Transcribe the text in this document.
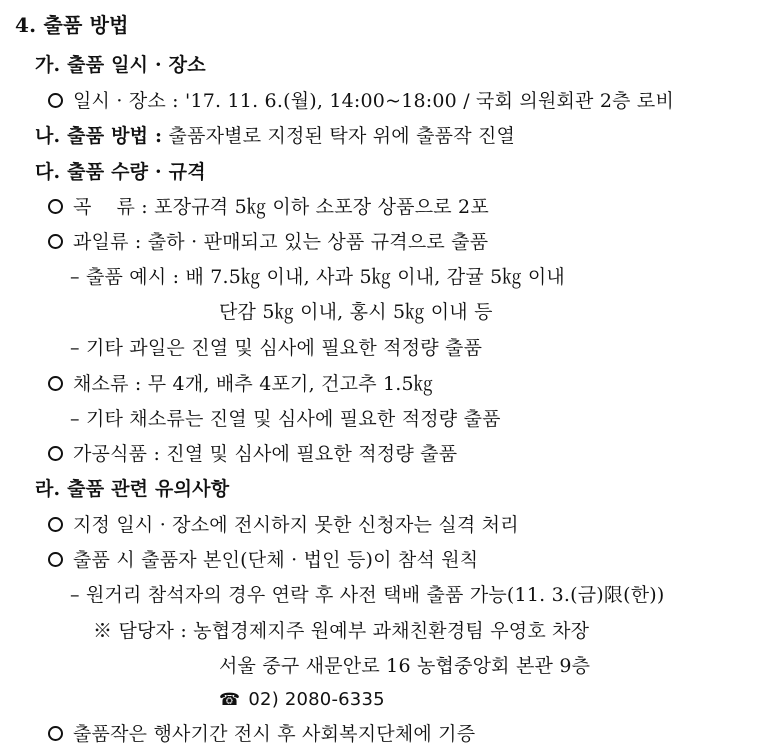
4. 출품 방법
가. 출품 일시 · 장소
일시 · 장소 : '17. 11. 6.(월), 14:00~18:00 / 국회 의원회관 2층 로비
나. 출품 방법 : 출품자별로 지정된 탁자 위에 출품작 진열
다. 출품 수량 · 규격
곡    류 : 포장규격 5㎏ 이하 소포장 상품으로 2포
과일류 : 출하 · 판매되고 있는 상품 규격으로 출품
– 출품 예시 : 배 7.5㎏ 이내, 사과 5㎏ 이내, 감귤 5㎏ 이내
단감 5㎏ 이내, 홍시 5㎏ 이내 등
– 기타 과일은 진열 및 심사에 필요한 적정량 출품
채소류 : 무 4개, 배추 4포기, 건고추 1.5㎏
– 기타 채소류는 진열 및 심사에 필요한 적정량 출품
가공식품 : 진열 및 심사에 필요한 적정량 출품
라. 출품 관련 유의사항
지정 일시 · 장소에 전시하지 못한 신청자는 실격 처리
출품 시 출품자 본인(단체 · 법인 등)이 참석 원칙
– 원거리 참석자의 경우 연락 후 사전 택배 출품 가능(11. 3.(금)限(한))
※ 담당자 : 농협경제지주 원예부 과채친환경팀 우영호 차장
서울 중구 새문안로 16 농협중앙회 본관 9층
☎ 02) 2080-6335
출품작은 행사기간 전시 후 사회복지단체에 기증
